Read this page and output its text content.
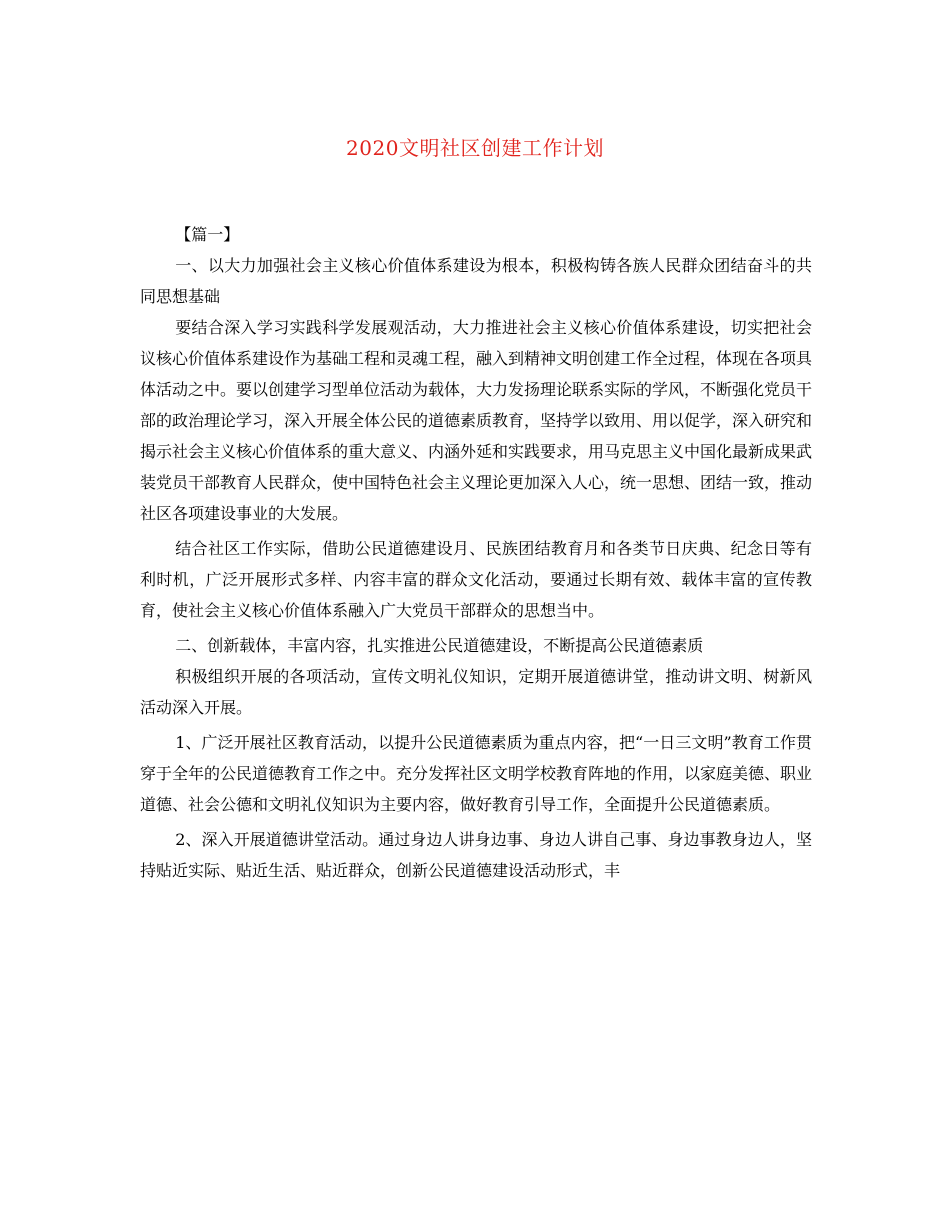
2020文明社区创建工作计划

【篇一】

一、以大力加强社会主义核心价值体系建设为根本，积极构铸各族人民群众团结奋斗的共同思想基础

要结合深入学习实践科学发展观活动，大力推进社会主义核心价值体系建设，切实把社会议核心价值体系建设作为基础工程和灵魂工程，融入到精神文明创建工作全过程，体现在各项具体活动之中。要以创建学习型单位活动为载体，大力发扬理论联系实际的学风，不断强化党员干部的政治理论学习，深入开展全体公民的道德素质教育，坚持学以致用、用以促学，深入研究和揭示社会主义核心价值体系的重大意义、内涵外延和实践要求，用马克思主义中国化最新成果武装党员干部教育人民群众，使中国特色社会主义理论更加深入人心，统一思想、团结一致，推动社区各项建设事业的大发展。

结合社区工作实际，借助公民道德建设月、民族团结教育月和各类节日庆典、纪念日等有利时机，广泛开展形式多样、内容丰富的群众文化活动，要通过长期有效、载体丰富的宣传教育，使社会主义核心价值体系融入广大党员干部群众的思想当中。

二、创新载体，丰富内容，扎实推进公民道德建设，不断提高公民道德素质

积极组织开展的各项活动，宣传文明礼仪知识，定期开展道德讲堂，推动讲文明、树新风活动深入开展。

1、广泛开展社区教育活动，以提升公民道德素质为重点内容，把“一日三文明”教育工作贯穿于全年的公民道德教育工作之中。充分发挥社区文明学校教育阵地的作用，以家庭美德、职业道德、社会公德和文明礼仪知识为主要内容，做好教育引导工作，全面提升公民道德素质。

2、深入开展道德讲堂活动。通过身边人讲身边事、身边人讲自己事、身边事教身边人，坚持贴近实际、贴近生活、贴近群众，创新公民道德建设活动形式，丰
